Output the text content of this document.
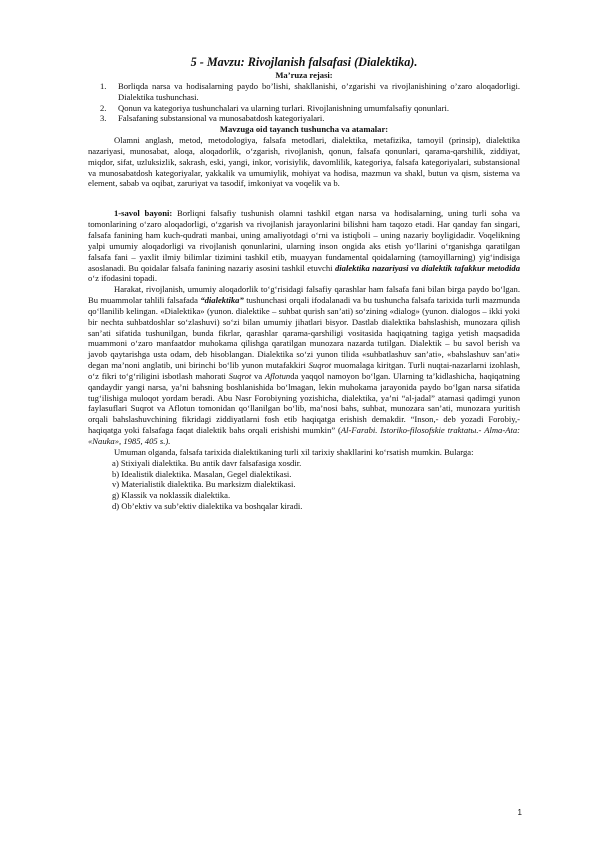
5 - Mavzu: Rivojlanish falsafasi (Dialektika).
Ma’ruza rejasi:
1. Borliqda narsa va hodisalarning paydo bo’lishi, shakllanishi, o’zgarishi va rivojlanishining o’zaro aloqadorligi. Dialektika tushunchasi.
2. Qonun va kategoriya tushunchalari va ularning turlari. Rivojlanishning umumfalsafiy qonunlari.
3. Falsafaning substansional va munosabatdosh kategoriyalari.
Mavzuga oid tayanch tushuncha va atamalar:

Olamni anglash, metod, metodologiya, falsafa metodlari, dialektika, metafizika, tamoyil (prinsip), dialektika nazariyasi, munosabat, aloqa, aloqadorlik, o‘zgarish, rivojlanish, qonun, falsafa qonunlari, qarama-qarshilik, ziddiyat, miqdor, sifat, uzluksizlik, sakrash, eski, yangi, inkor, vorisiylik, davomlilik, kategoriya, falsafa kategoriyalari, substansional va munosabatdosh kategoriyalar, yakkalik va umumiylik, mohiyat va hodisa, mazmun va shakl, butun va qism, sistema va element, sabab va oqibat, zaruriyat va tasodif, imkoniyat va voqelik va b.

1-savol bayoni: Borliqni falsafiy tushunish olamni tashkil etgan narsa va hodisalarning, uning turli soha va tomonlarining o‘zaro aloqadorligi, o‘zgarish va rivojlanish jarayonlarini bilishni ham taqozo etadi. Har qanday fan singari, falsafa fanining ham kuch-qudrati manbai, uning amaliyotdagi o‘rni va istiqboli – uning nazariy boyligidadir. Voqelikning yalpi umumiy aloqadorligi va rivojlanish qonunlarini, ularning inson ongida aks etish yo‘llarini o‘rganishga qaratilgan falsafa fani – yaxlit ilmiy bilimlar tizimini tashkil etib, muayyan fundamental qoidalarning (tamoyillarning) yig‘indisiga asoslanadi. Bu qoidalar falsafa fanining nazariy asosini tashkil etuvchi dialektika nazariyasi va dialektik tafakkur metodida o‘z ifodasini topadi.

Harakat, rivojlanish, umumiy aloqadorlik to‘g‘risidagi falsafiy qarashlar ham falsafa fani bilan birga paydo bo‘lgan. Bu muammolar tahlili falsafada “dialektika” tushunchasi orqali ifodalanadi va bu tushuncha falsafa tarixida turli mazmunda qo‘llanilib kelingan. «Dialektika» (yunon. dialektike – suhbat qurish san’ati) so‘zining «dialog» (yunon. dialogos – ikki yoki bir nechta suhbatdoshlar so‘zlashuvi) so‘zi bilan umumiy jihatlari bisyor. Dastlab dialektika bahslashish, munozara qilish san’ati sifatida tushunilgan, bunda fikrlar, qarashlar qarama-qarshiligi vositasida haqiqatning tagiga yetish maqsadida muammoni o‘zaro manfaatdor muhokama qilishga qaratilgan munozara nazarda tutilgan. Dialektik – bu savol berish va javob qaytarishga usta odam, deb hisoblangan. Dialektika so‘zi yunon tilida «suhbatlashuv san’ati», «bahslashuv san’ati» degan ma’noni anglatib, uni birinchi bo‘lib yunon mutafakkiri Suqrot muomalaga kiritgan. Turli nuqtai-nazarlarni izohlash, o‘z fikri to‘g‘riligini isbotlash mahorati Suqrot va Aflotunda yaqqol namoyon bo‘lgan. Ularning ta’kidlashicha, haqiqatning qandaydir yangi narsa, ya’ni bahsning boshlanishida bo‘lmagan, lekin muhokama jarayonida paydo bo‘lgan narsa sifatida tug‘ilishiga muloqot yordam beradi. Abu Nasr Forobiyning yozishicha, dialektika, ya’ni “al-jadal” atamasi qadimgi yunon faylasuflari Suqrot va Aflotun tomonidan qo‘llanilgan bo‘lib, ma’nosi bahs, suhbat, munozara san’ati, munozara yuritish orqali bahslashuvchining fikridagi ziddiyatlarni fosh etib haqiqatga erishish demakdir. “Inson,- deb yozadi Forobiy,- haqiqatga yoki falsafaga faqat dialektik bahs orqali erishishi mumkin” (Al-Farabi. Istoriko-filosofskie traktatы.- Alma-Ata: «Nauka», 1985, 405 s.).

Umuman olganda, falsafa tarixida dialektikaning turli xil tarixiy shakllarini ko‘rsatish mumkin. Bularga:

a) Stixiyali dialektika. Bu antik davr falsafasiga xosdir.
b) Idealistik dialektika. Masalan, Gegel dialektikasi.
v) Materialistik dialektika. Bu marksizm dialektikasi.
g) Klassik va noklassik dialektika.
d) Ob’ektiv va sub’ektiv dialektika va boshqalar kiradi.
1
